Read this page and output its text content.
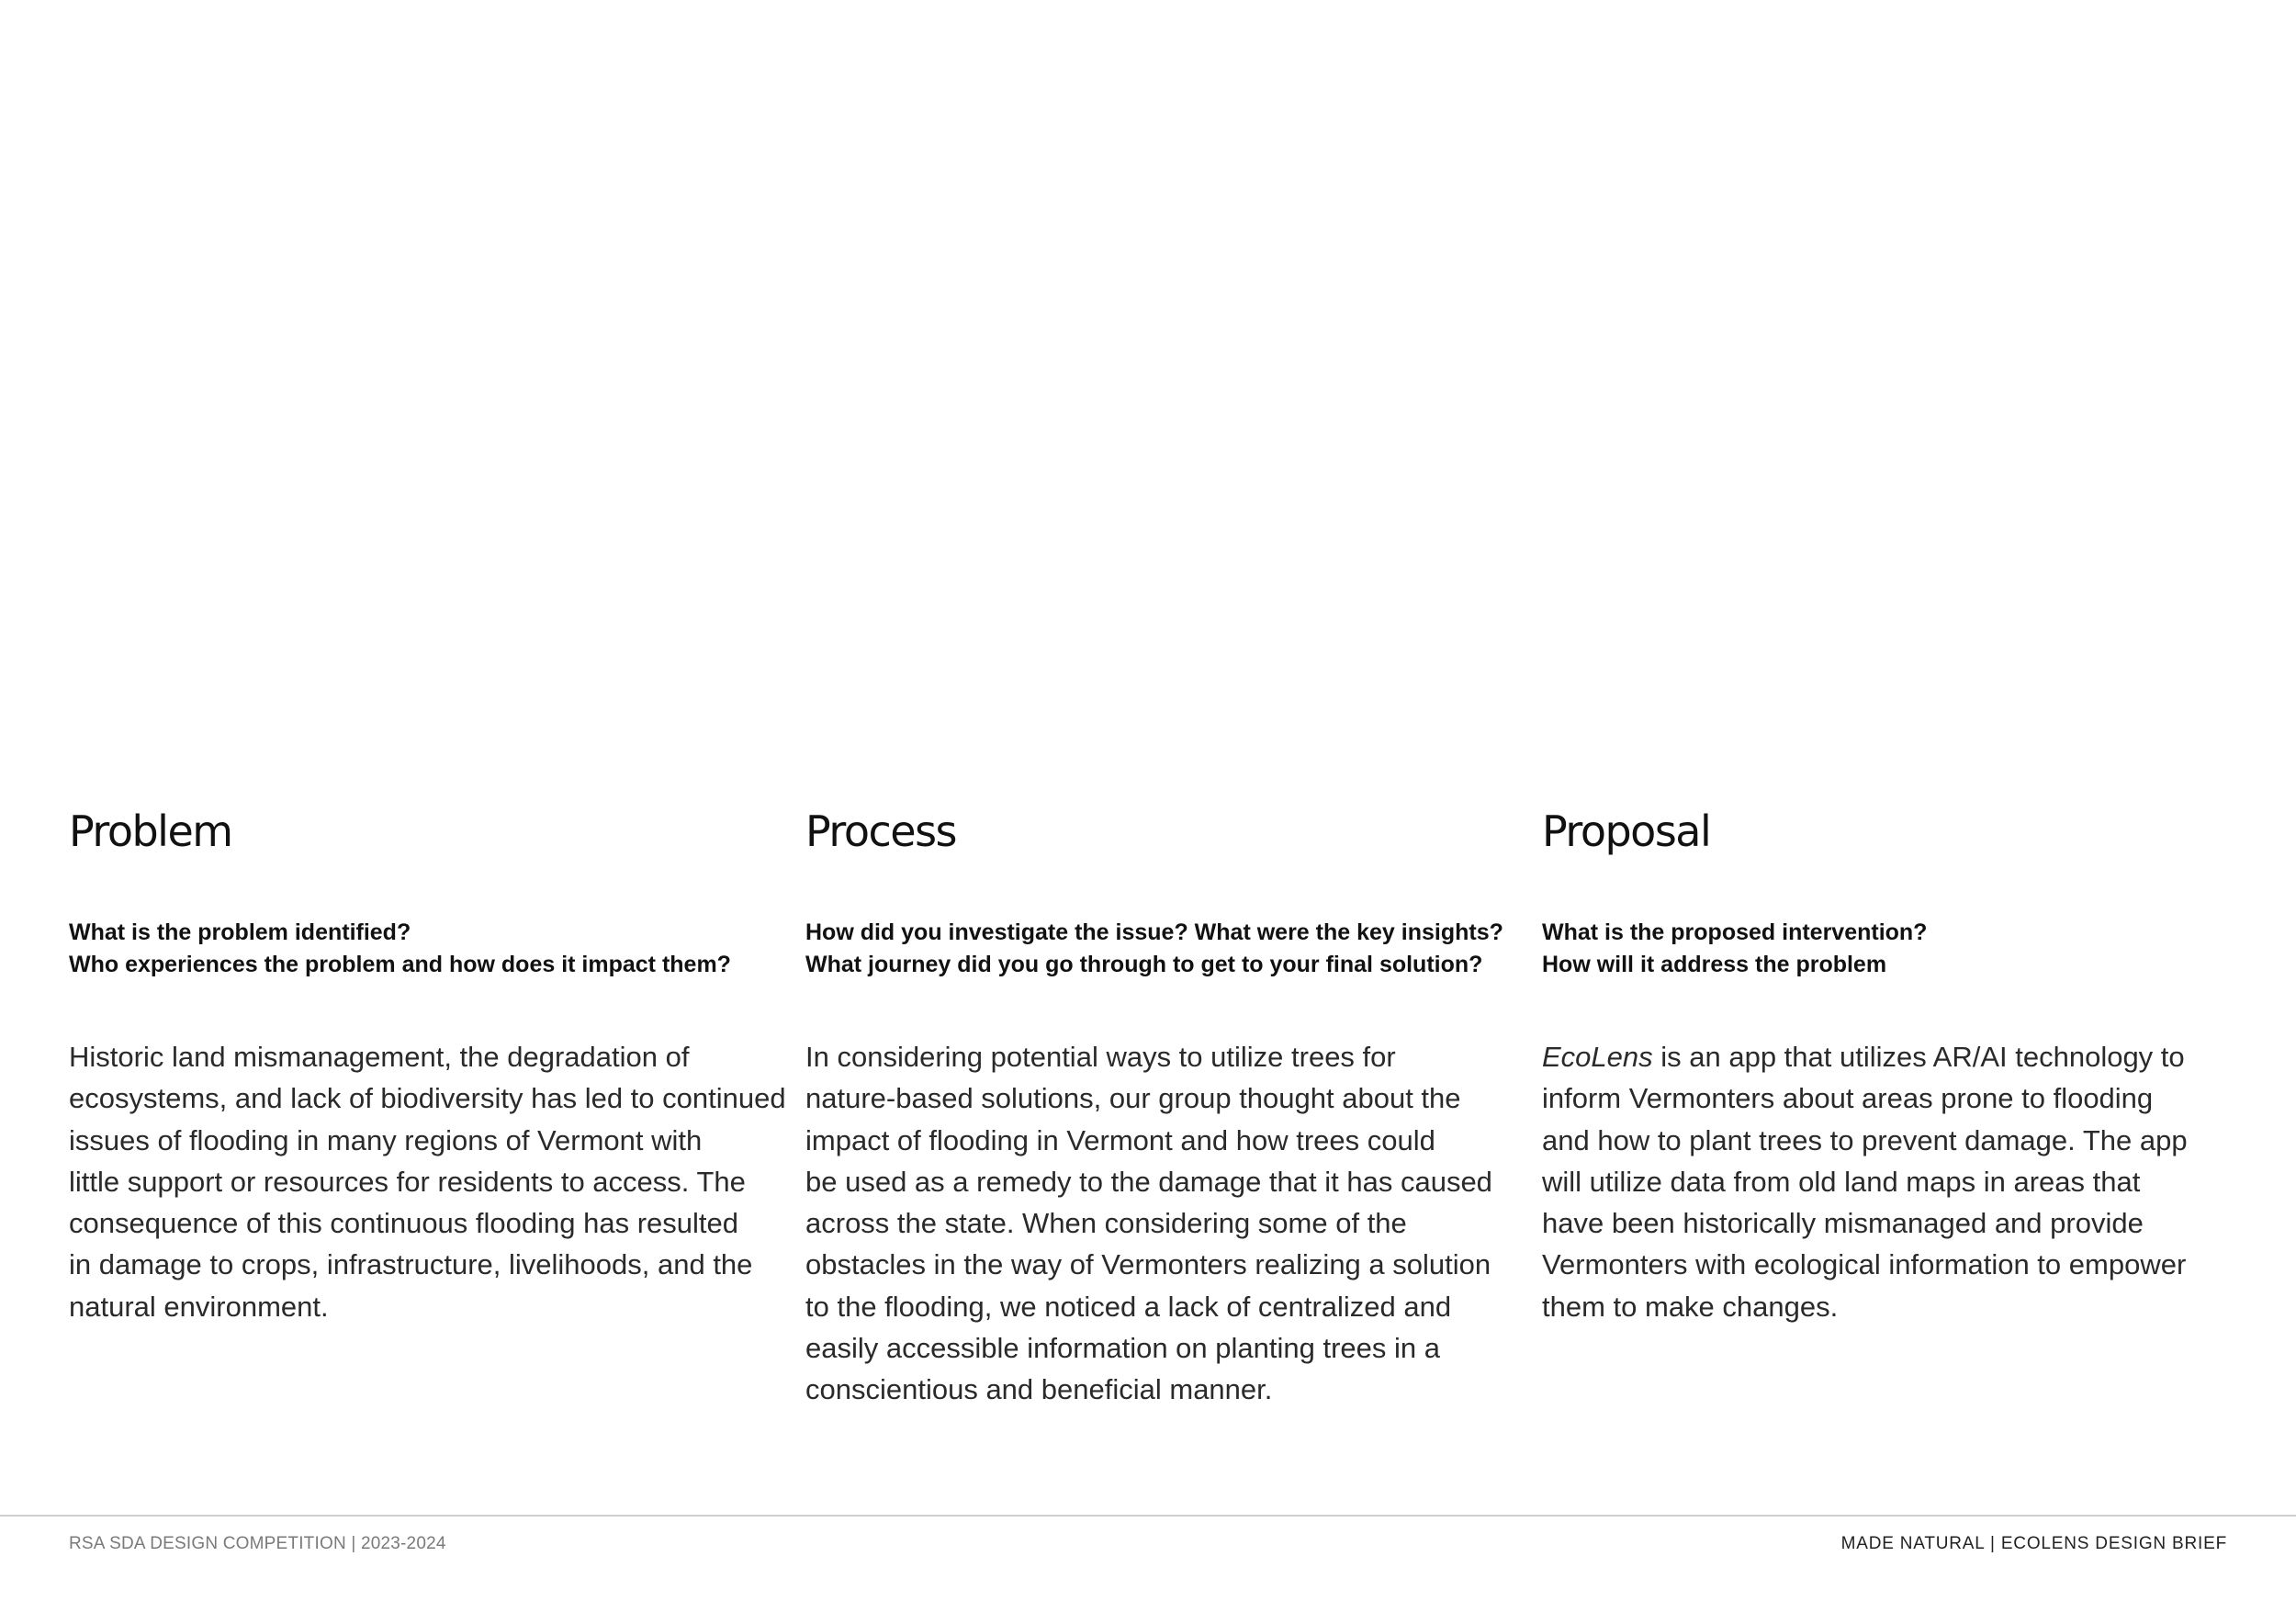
Problem
What is the problem identified?
Who experiences the problem and how does it impact them?
Historic land mismanagement, the degradation of
ecosystems, and lack of biodiversity has led to continued
issues of flooding in many regions of Vermont with
little support or resources for residents to access. The
consequence of this continuous flooding has resulted
in damage to crops, infrastructure, livelihoods, and the
natural environment.
Process
How did you investigate the issue? What were the key insights?
What journey did you go through to get to your final solution?
In considering potential ways to utilize trees for
nature-based solutions, our group thought about the
impact of flooding in Vermont and how trees could
be used as a remedy to the damage that it has caused
across the state. When considering some of the
obstacles in the way of Vermonters realizing a solution
to the flooding, we noticed a lack of centralized and
easily accessible information on planting trees in a
conscientious and beneficial manner.
Proposal
What is the proposed intervention?
How will it address the problem
EcoLens is an app that utilizes AR/AI technology to
inform Vermonters about areas prone to flooding
and how to plant trees to prevent damage. The app
will utilize data from old land maps in areas that
have been historically mismanaged and provide
Vermonters with ecological information to empower
them to make changes.
RSA SDA DESIGN COMPETITION | 2023-2024	MADE NATURAL | ECOLENS DESIGN BRIEF
